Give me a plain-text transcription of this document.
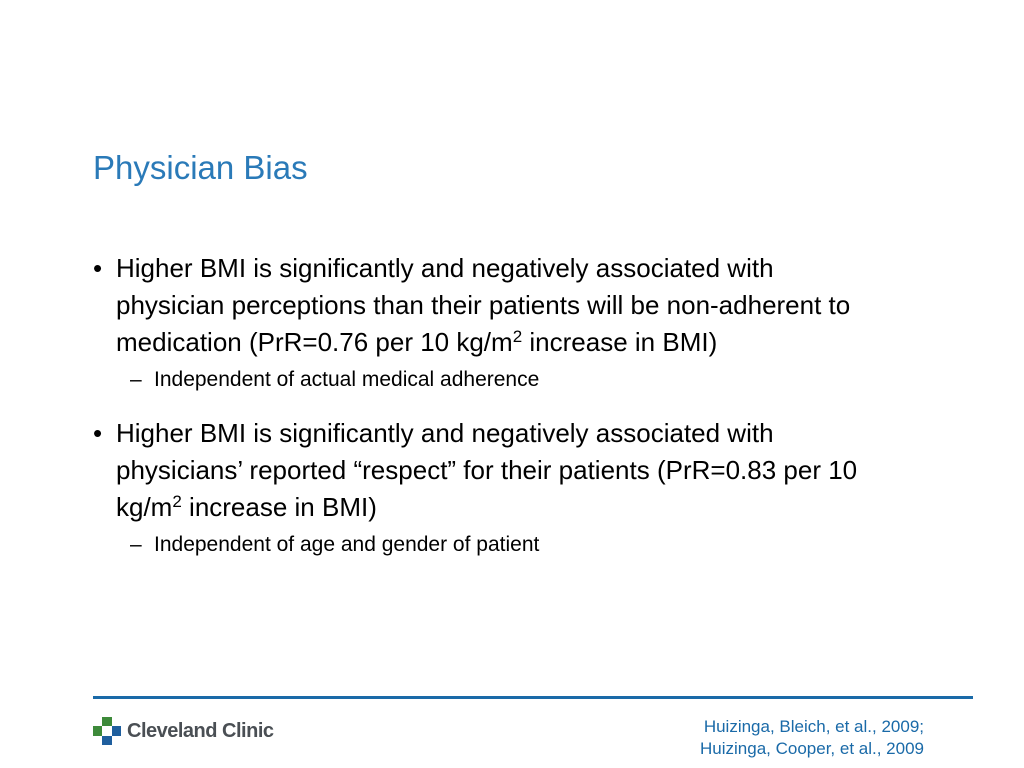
Physician Bias
• Higher BMI is significantly and negatively associated with physician perceptions than their patients will be non-adherent to medication (PrR=0.76 per 10 $kg/m^2$ increase in BMI)
– Independent of actual medical adherence
• Higher BMI is significantly and negatively associated with physicians’ reported “respect” for their patients (PrR=0.83 per 10 $kg/m^2$ increase in BMI)
– Independent of age and gender of patient
Cleveland Clinic	Huizinga, Bleich, et al., 2009;
Huizinga, Cooper, et al., 2009
